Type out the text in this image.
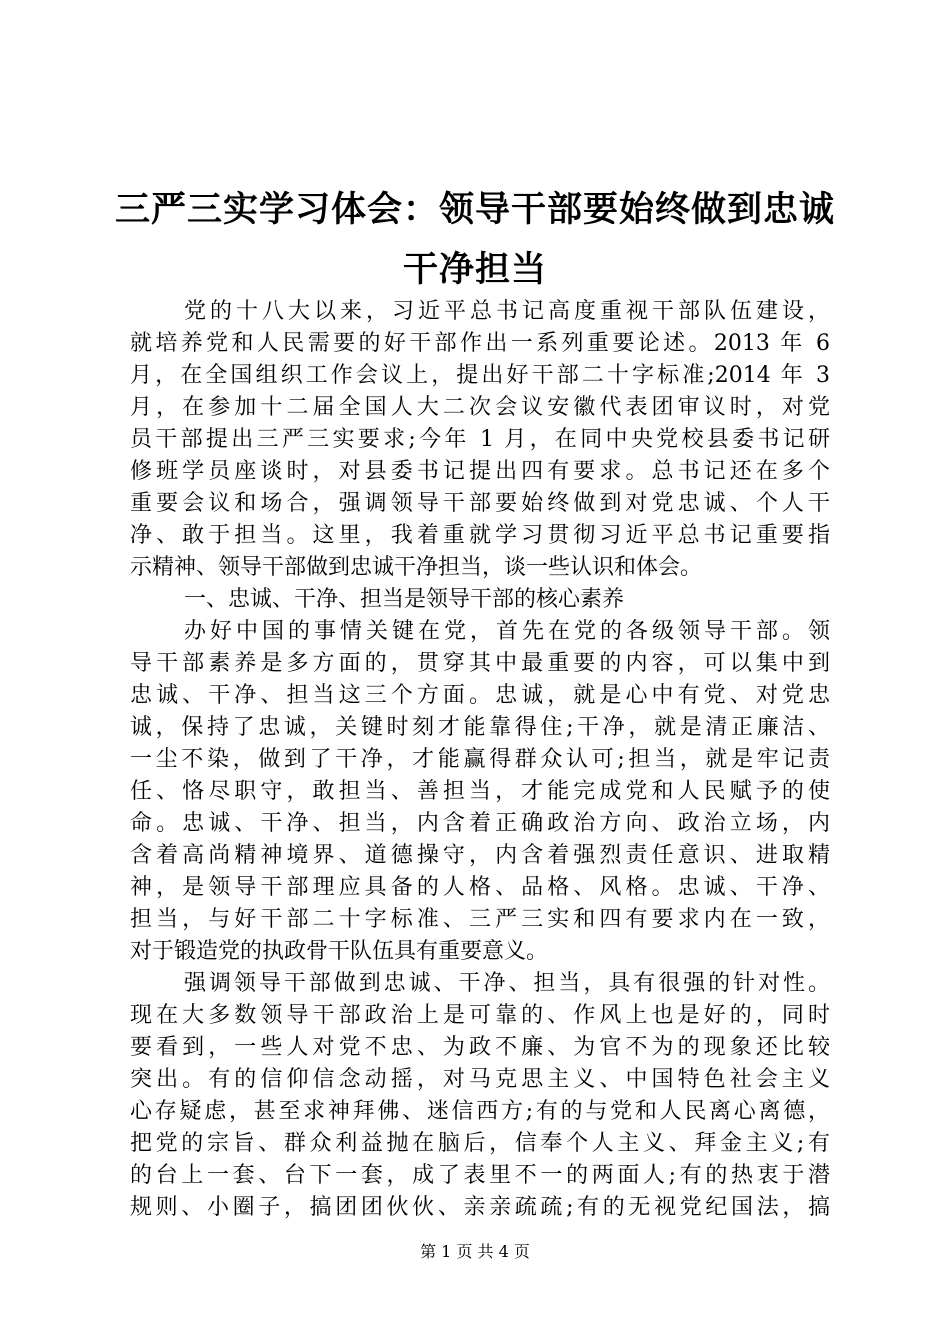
三严三实学习体会：领导干部要始终做到忠诚
干净担当
党的十八大以来，习近平总书记高度重视干部队伍建设，
就培养党和人民需要的好干部作出一系列重要论述。2013 年 6
月，在全国组织工作会议上，提出好干部二十字标准;2014 年 3
月，在参加十二届全国人大二次会议安徽代表团审议时，对党
员干部提出三严三实要求;今年 1 月，在同中央党校县委书记研
修班学员座谈时，对县委书记提出四有要求。总书记还在多个
重要会议和场合，强调领导干部要始终做到对党忠诚、个人干
净、敢于担当。这里，我着重就学习贯彻习近平总书记重要指
示精神、领导干部做到忠诚干净担当，谈一些认识和体会。
一、忠诚、干净、担当是领导干部的核心素养
办好中国的事情关键在党，首先在党的各级领导干部。领
导干部素养是多方面的，贯穿其中最重要的内容，可以集中到
忠诚、干净、担当这三个方面。忠诚，就是心中有党、对党忠
诚，保持了忠诚，关键时刻才能靠得住;干净，就是清正廉洁、
一尘不染，做到了干净，才能赢得群众认可;担当，就是牢记责
任、恪尽职守，敢担当、善担当，才能完成党和人民赋予的使
命。忠诚、干净、担当，内含着正确政治方向、政治立场，内
含着高尚精神境界、道德操守，内含着强烈责任意识、进取精
神，是领导干部理应具备的人格、品格、风格。忠诚、干净、
担当，与好干部二十字标准、三严三实和四有要求内在一致，
对于锻造党的执政骨干队伍具有重要意义。
强调领导干部做到忠诚、干净、担当，具有很强的针对性。
现在大多数领导干部政治上是可靠的、作风上也是好的，同时
要看到，一些人对党不忠、为政不廉、为官不为的现象还比较
突出。有的信仰信念动摇，对马克思主义、中国特色社会主义
心存疑虑，甚至求神拜佛、迷信西方;有的与党和人民离心离德，
把党的宗旨、群众利益抛在脑后，信奉个人主义、拜金主义;有
的台上一套、台下一套，成了表里不一的两面人;有的热衷于潜
规则、小圈子，搞团团伙伙、亲亲疏疏;有的无视党纪国法，搞
第 1 页 共 4 页
